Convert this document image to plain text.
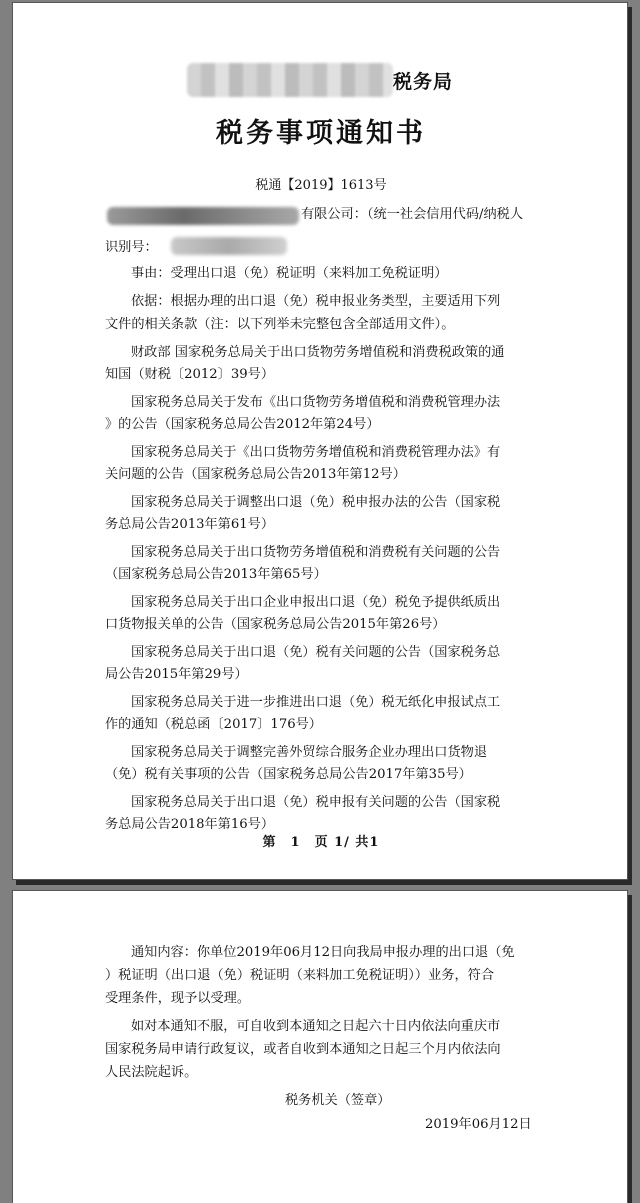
税务局
税务事项通知书
税通【2019】1613号
有限公司：（统一社会信用代码/纳税人
识别号：
事由：受理出口退（免）税证明（来料加工免税证明）
依据：根据办理的出口退（免）税申报业务类型，主要适用下列
文件的相关条款（注：以下列举未完整包含全部适用文件）。
财政部 国家税务总局关于出口货物劳务增值税和消费税政策的通
知国（财税〔2012〕39号）
国家税务总局关于发布《出口货物劳务增值税和消费税管理办法
》的公告（国家税务总局公告2012年第24号）
国家税务总局关于《出口货物劳务增值税和消费税管理办法》有
关问题的公告（国家税务总局公告2013年第12号）
国家税务总局关于调整出口退（免）税申报办法的公告（国家税
务总局公告2013年第61号）
国家税务总局关于出口货物劳务增值税和消费税有关问题的公告
（国家税务总局公告2013年第65号）
国家税务总局关于出口企业申报出口退（免）税免予提供纸质出
口货物报关单的公告（国家税务总局公告2015年第26号）
国家税务总局关于出口退（免）税有关问题的公告（国家税务总
局公告2015年第29号）
国家税务总局关于进一步推进出口退（免）税无纸化申报试点工
作的通知（税总函〔2017〕176号）
国家税务总局关于调整完善外贸综合服务企业办理出口货物退
（免）税有关事项的公告（国家税务总局公告2017年第35号）
国家税务总局关于出口退（免）税申报有关问题的公告（国家税
务总局公告2018年第16号）
第　1　页 1/ 共1
通知内容：你单位2019年06月12日向我局申报办理的出口退（免
）税证明（出口退（免）税证明（来料加工免税证明））业务，符合
受理条件，现予以受理。
如对本通知不服，可自收到本通知之日起六十日内依法向重庆市
国家税务局申请行政复议，或者自收到本通知之日起三个月内依法向
人民法院起诉。
税务机关（签章）
2019年06月12日
